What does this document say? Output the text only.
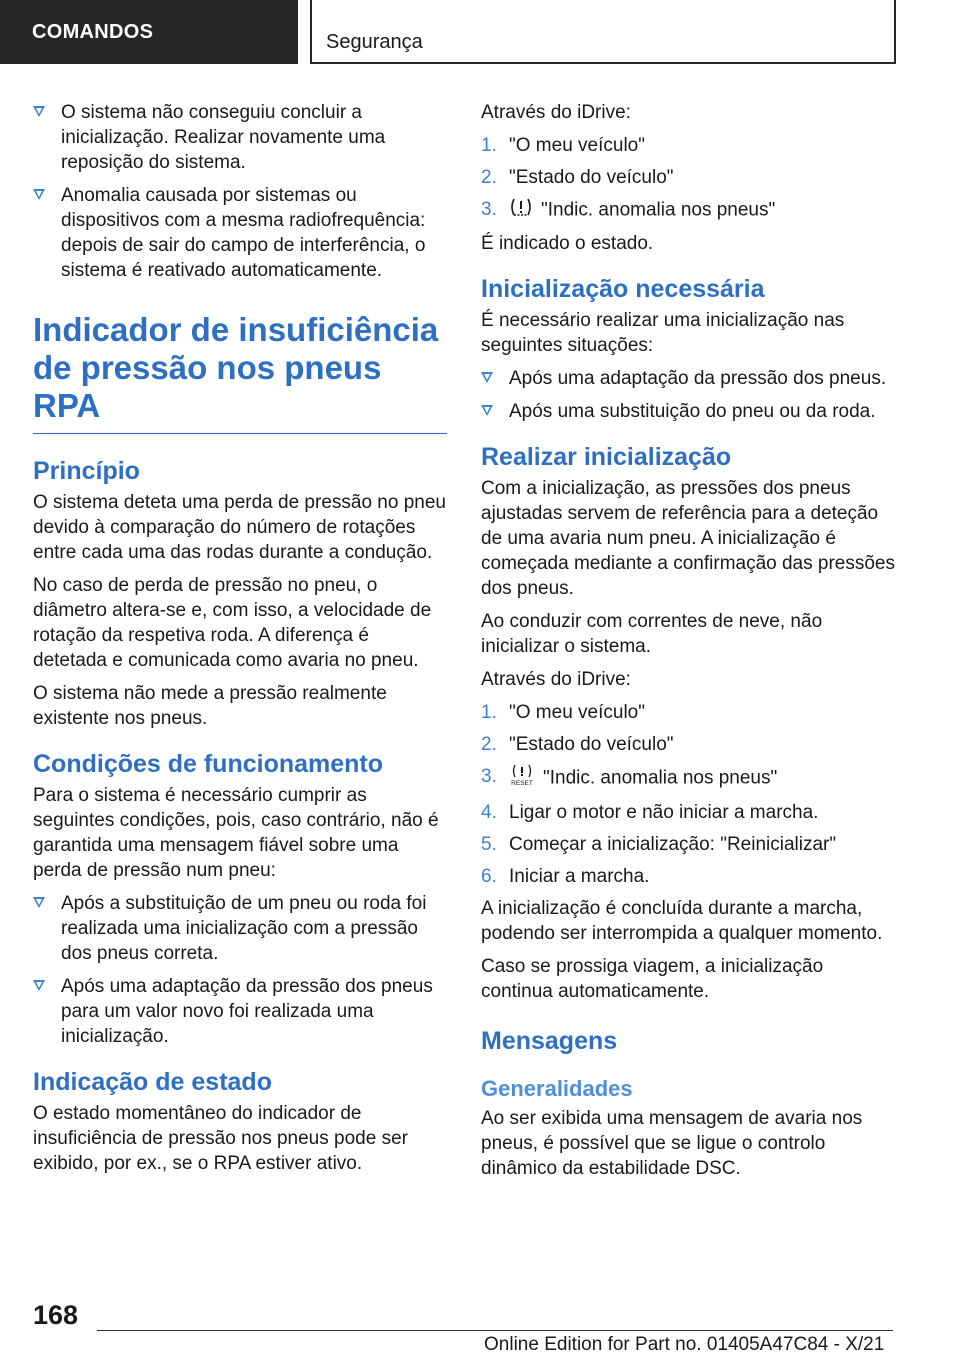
COMANDOS	Segurança
O sistema não conseguiu concluir a inicialização. Realizar novamente uma reposição do sistema.
Anomalia causada por sistemas ou dispositivos com a mesma radiofrequência: depois de sair do campo de interferência, o sistema é reativado automaticamente.
Indicador de insuficiência de pressão nos pneus RPA
Princípio

O sistema deteta uma perda de pressão no pneu devido à comparação do número de rotações entre cada uma das rodas durante a condução.

No caso de perda de pressão no pneu, o diâmetro altera-se e, com isso, a velocidade de rotação da respetiva roda. A diferença é detetada e comunicada como avaria no pneu.

O sistema não mede a pressão realmente existente nos pneus.

Condições de funcionamento

Para o sistema é necessário cumprir as seguintes condições, pois, caso contrário, não é garantida uma mensagem fiável sobre uma perda de pressão num pneu:

Após a substituição de um pneu ou roda foi realizada uma inicialização com a pressão dos pneus correta.
Após uma adaptação da pressão dos pneus para um valor novo foi realizada uma inicialização.
Indicação de estado

O estado momentâneo do indicador de insuficiência de pressão nos pneus pode ser exibido, por ex., se o RPA estiver ativo.

Através do iDrive:

1. "O meu veículo"
2. "Estado do veículo"
3. "Indic. anomalia nos pneus"

É indicado o estado.

Inicialização necessária

É necessário realizar uma inicialização nas seguintes situações:

Após uma adaptação da pressão dos pneus.
Após uma substituição do pneu ou da roda.
Realizar inicialização

Com a inicialização, as pressões dos pneus ajustadas servem de referência para a deteção de uma avaria num pneu. A inicialização é começada mediante a confirmação das pressões dos pneus.

Ao conduzir com correntes de neve, não inicializar o sistema.

Através do iDrive:

1. "O meu veículo"
2. "Estado do veículo"
3. RESET "Indic. anomalia nos pneus"
4. Ligar o motor e não iniciar a marcha.
5. Começar a inicialização: "Reinicializar"
6. Iniciar a marcha.

A inicialização é concluída durante a marcha, podendo ser interrompida a qualquer momento.

Caso se prossiga viagem, a inicialização continua automaticamente.

Mensagens
Generalidades

Ao ser exibida uma mensagem de avaria nos pneus, é possível que se ligue o controlo dinâmico da estabilidade DSC.

168
Online Edition for Part no. 01405A47C84 - X/21
